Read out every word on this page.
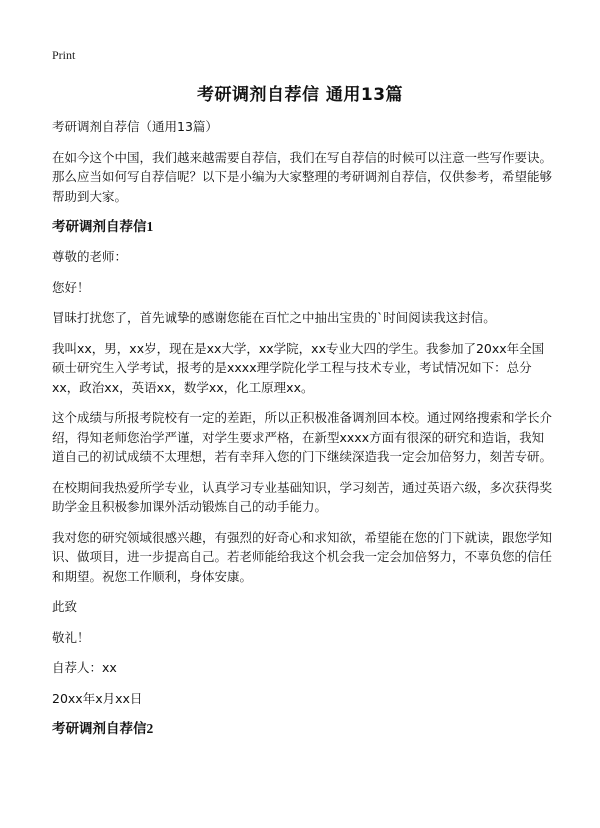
Print
考研调剂自荐信 通用13篇
考研调剂自荐信（通用13篇）
在如今这个中国，我们越来越需要自荐信，我们在写自荐信的时候可以注意一些写作要诀。那么应当如何写自荐信呢？以下是小编为大家整理的考研调剂自荐信，仅供参考，希望能够帮助到大家。
考研调剂自荐信1
尊敬的老师：
您好！
冒昧打扰您了，首先诚挚的感谢您能在百忙之中抽出宝贵的`时间阅读我这封信。
我叫xx，男，xx岁，现在是xx大学，xx学院，xx专业大四的学生。我参加了20xx年全国硕士研究生入学考试，报考的是xxxx理学院化学工程与技术专业，考试情况如下：总分xx，政治xx，英语xx，数学xx，化工原理xx。
这个成绩与所报考院校有一定的差距，所以正积极准备调剂回本校。通过网络搜索和学长介绍，得知老师您治学严谨，对学生要求严格，在新型xxxx方面有很深的研究和造诣，我知道自己的初试成绩不太理想，若有幸拜入您的门下继续深造我一定会加倍努力，刻苦专研。
在校期间我热爱所学专业，认真学习专业基础知识，学习刻苦，通过英语六级，多次获得奖助学金且积极参加课外活动锻炼自己的动手能力。
我对您的研究领域很感兴趣，有强烈的好奇心和求知欲，希望能在您的门下就读，跟您学知识、做项目，进一步提高自己。若老师能给我这个机会我一定会加倍努力，不辜负您的信任和期望。祝您工作顺利，身体安康。
此致
敬礼！
自荐人：xx
20xx年x月xx日
考研调剂自荐信2
